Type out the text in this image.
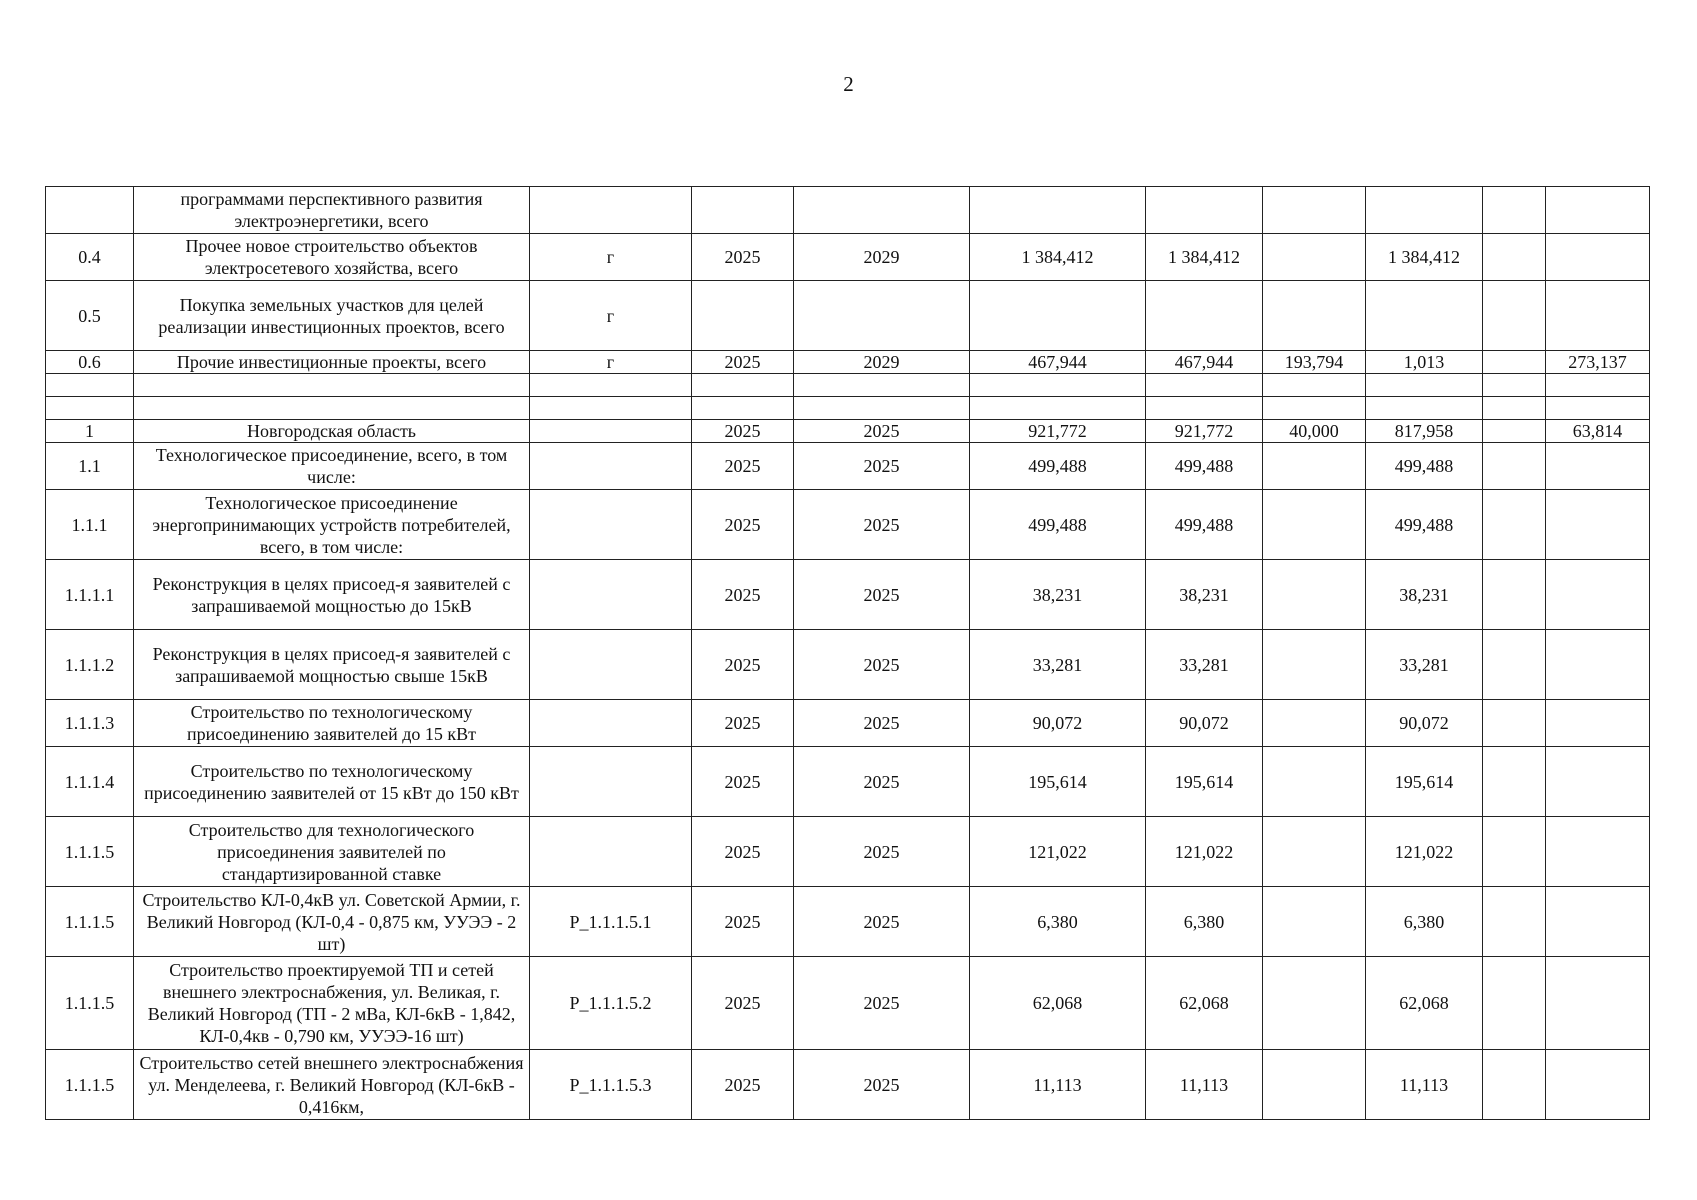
2
	программами перспективного развития электроэнергетики, всего									
0.4	Прочее новое строительство объектов электросетевого хозяйства, всего	г	2025	2029	1 384,412	1 384,412		1 384,412		
0.5	Покупка земельных участков для целей реализации инвестиционных проектов, всего	г								
0.6	Прочие инвестиционные проекты, всего	г	2025	2029	467,944	467,944	193,794	1,013		273,137

1	Новгородская область		2025	2025	921,772	921,772	40,000	817,958		63,814
1.1	Технологическое присоединение, всего, в том числе:		2025	2025	499,488	499,488		499,488		
1.1.1	Технологическое присоединение энергопринимающих устройств потребителей, всего, в том числе:		2025	2025	499,488	499,488		499,488		
1.1.1.1	Реконструкция в целях присоед-я заявителей с запрашиваемой мощностью до 15кВ		2025	2025	38,231	38,231		38,231		
1.1.1.2	Реконструкция в целях присоед-я заявителей с запрашиваемой мощностью свыше 15кВ		2025	2025	33,281	33,281		33,281		
1.1.1.3	Строительство по технологическому присоединению заявителей до 15 кВт		2025	2025	90,072	90,072		90,072		
1.1.1.4	Строительство по технологическому присоединению заявителей от 15 кВт до 150 кВт		2025	2025	195,614	195,614		195,614		
1.1.1.5	Строительство для технологического присоединения заявителей по стандартизированной ставке		2025	2025	121,022	121,022		121,022		
1.1.1.5	Строительство КЛ-0,4кВ ул. Советской Армии, г. Великий Новгород (КЛ-0,4 - 0,875 км, УУЭЭ - 2 шт)	P_1.1.1.5.1	2025	2025	6,380	6,380		6,380		
1.1.1.5	Строительство проектируемой ТП и сетей внешнего электроснабжения, ул. Великая, г. Великий Новгород (ТП - 2 мВа, КЛ-6кВ - 1,842, КЛ-0,4кв - 0,790 км, УУЭЭ-16 шт)	P_1.1.1.5.2	2025	2025	62,068	62,068		62,068		
1.1.1.5	Строительство сетей внешнего электроснабжения ул. Менделеева, г. Великий Новгород (КЛ-6кВ - 0,416км,	P_1.1.1.5.3	2025	2025	11,113	11,113		11,113		
